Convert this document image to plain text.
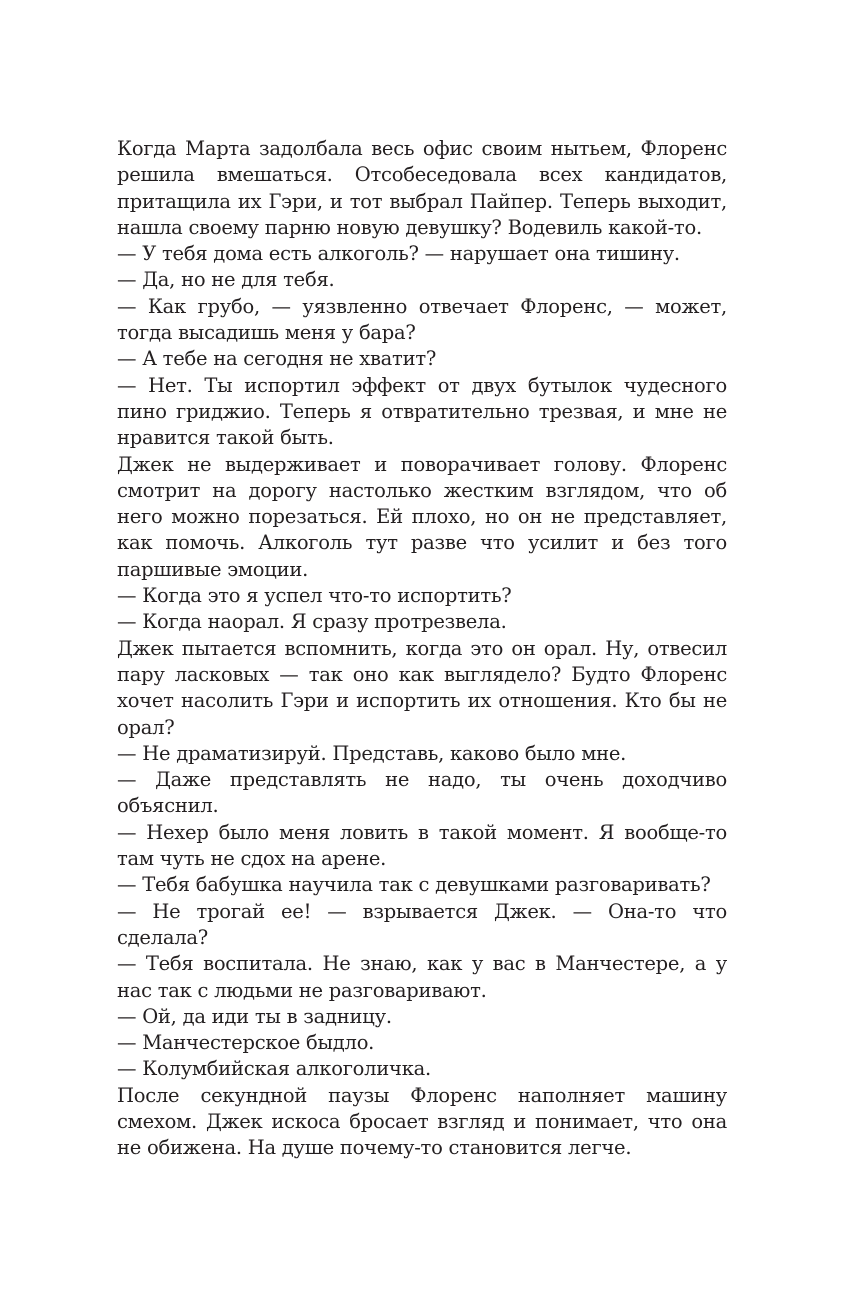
Когда Марта задолбала весь офис своим нытьем, Флоренс решила вмешаться. Отсобеседовала всех кандидатов, притащила их Гэри, и тот выбрал Пайпер. Теперь выходит, нашла своему парню новую девушку? Водевиль какой-то.

— У тебя дома есть алкоголь? — нарушает она тишину.

— Да, но не для тебя.

— Как грубо, — уязвленно отвечает Флоренс, — может, тогда высадишь меня у бара?

— А тебе на сегодня не хватит?

— Нет. Ты испортил эффект от двух бутылок чудесного пино гриджио. Теперь я отвратительно трезвая, и мне не нравится такой быть.

Джек не выдерживает и поворачивает голову. Флоренс смотрит на дорогу настолько жестким взглядом, что об него можно порезаться. Ей плохо, но он не представляет, как помочь. Алкоголь тут разве что усилит и без того паршивые эмоции.

— Когда это я успел что-то испортить?

— Когда наорал. Я сразу протрезвела.

Джек пытается вспомнить, когда это он орал. Ну, отвесил пару ласковых — так оно как выглядело? Будто Флоренс хочет насолить Гэри и испортить их отношения. Кто бы не орал?

— Не драматизируй. Представь, каково было мне.

— Даже представлять не надо, ты очень доходчиво объяснил.

— Нехер было меня ловить в такой момент. Я вообще-то там чуть не сдох на арене.

— Тебя бабушка научила так с девушками разговаривать?

— Не трогай ее! — взрывается Джек. — Она-то что сделала?

— Тебя воспитала. Не знаю, как у вас в Манчестере, а у нас так с людьми не разговаривают.

— Ой, да иди ты в задницу.

— Манчестерское быдло.

— Колумбийская алкоголичка.

После секундной паузы Флоренс наполняет машину смехом. Джек искоса бросает взгляд и понимает, что она не обижена. На душе почему-то становится легче.
